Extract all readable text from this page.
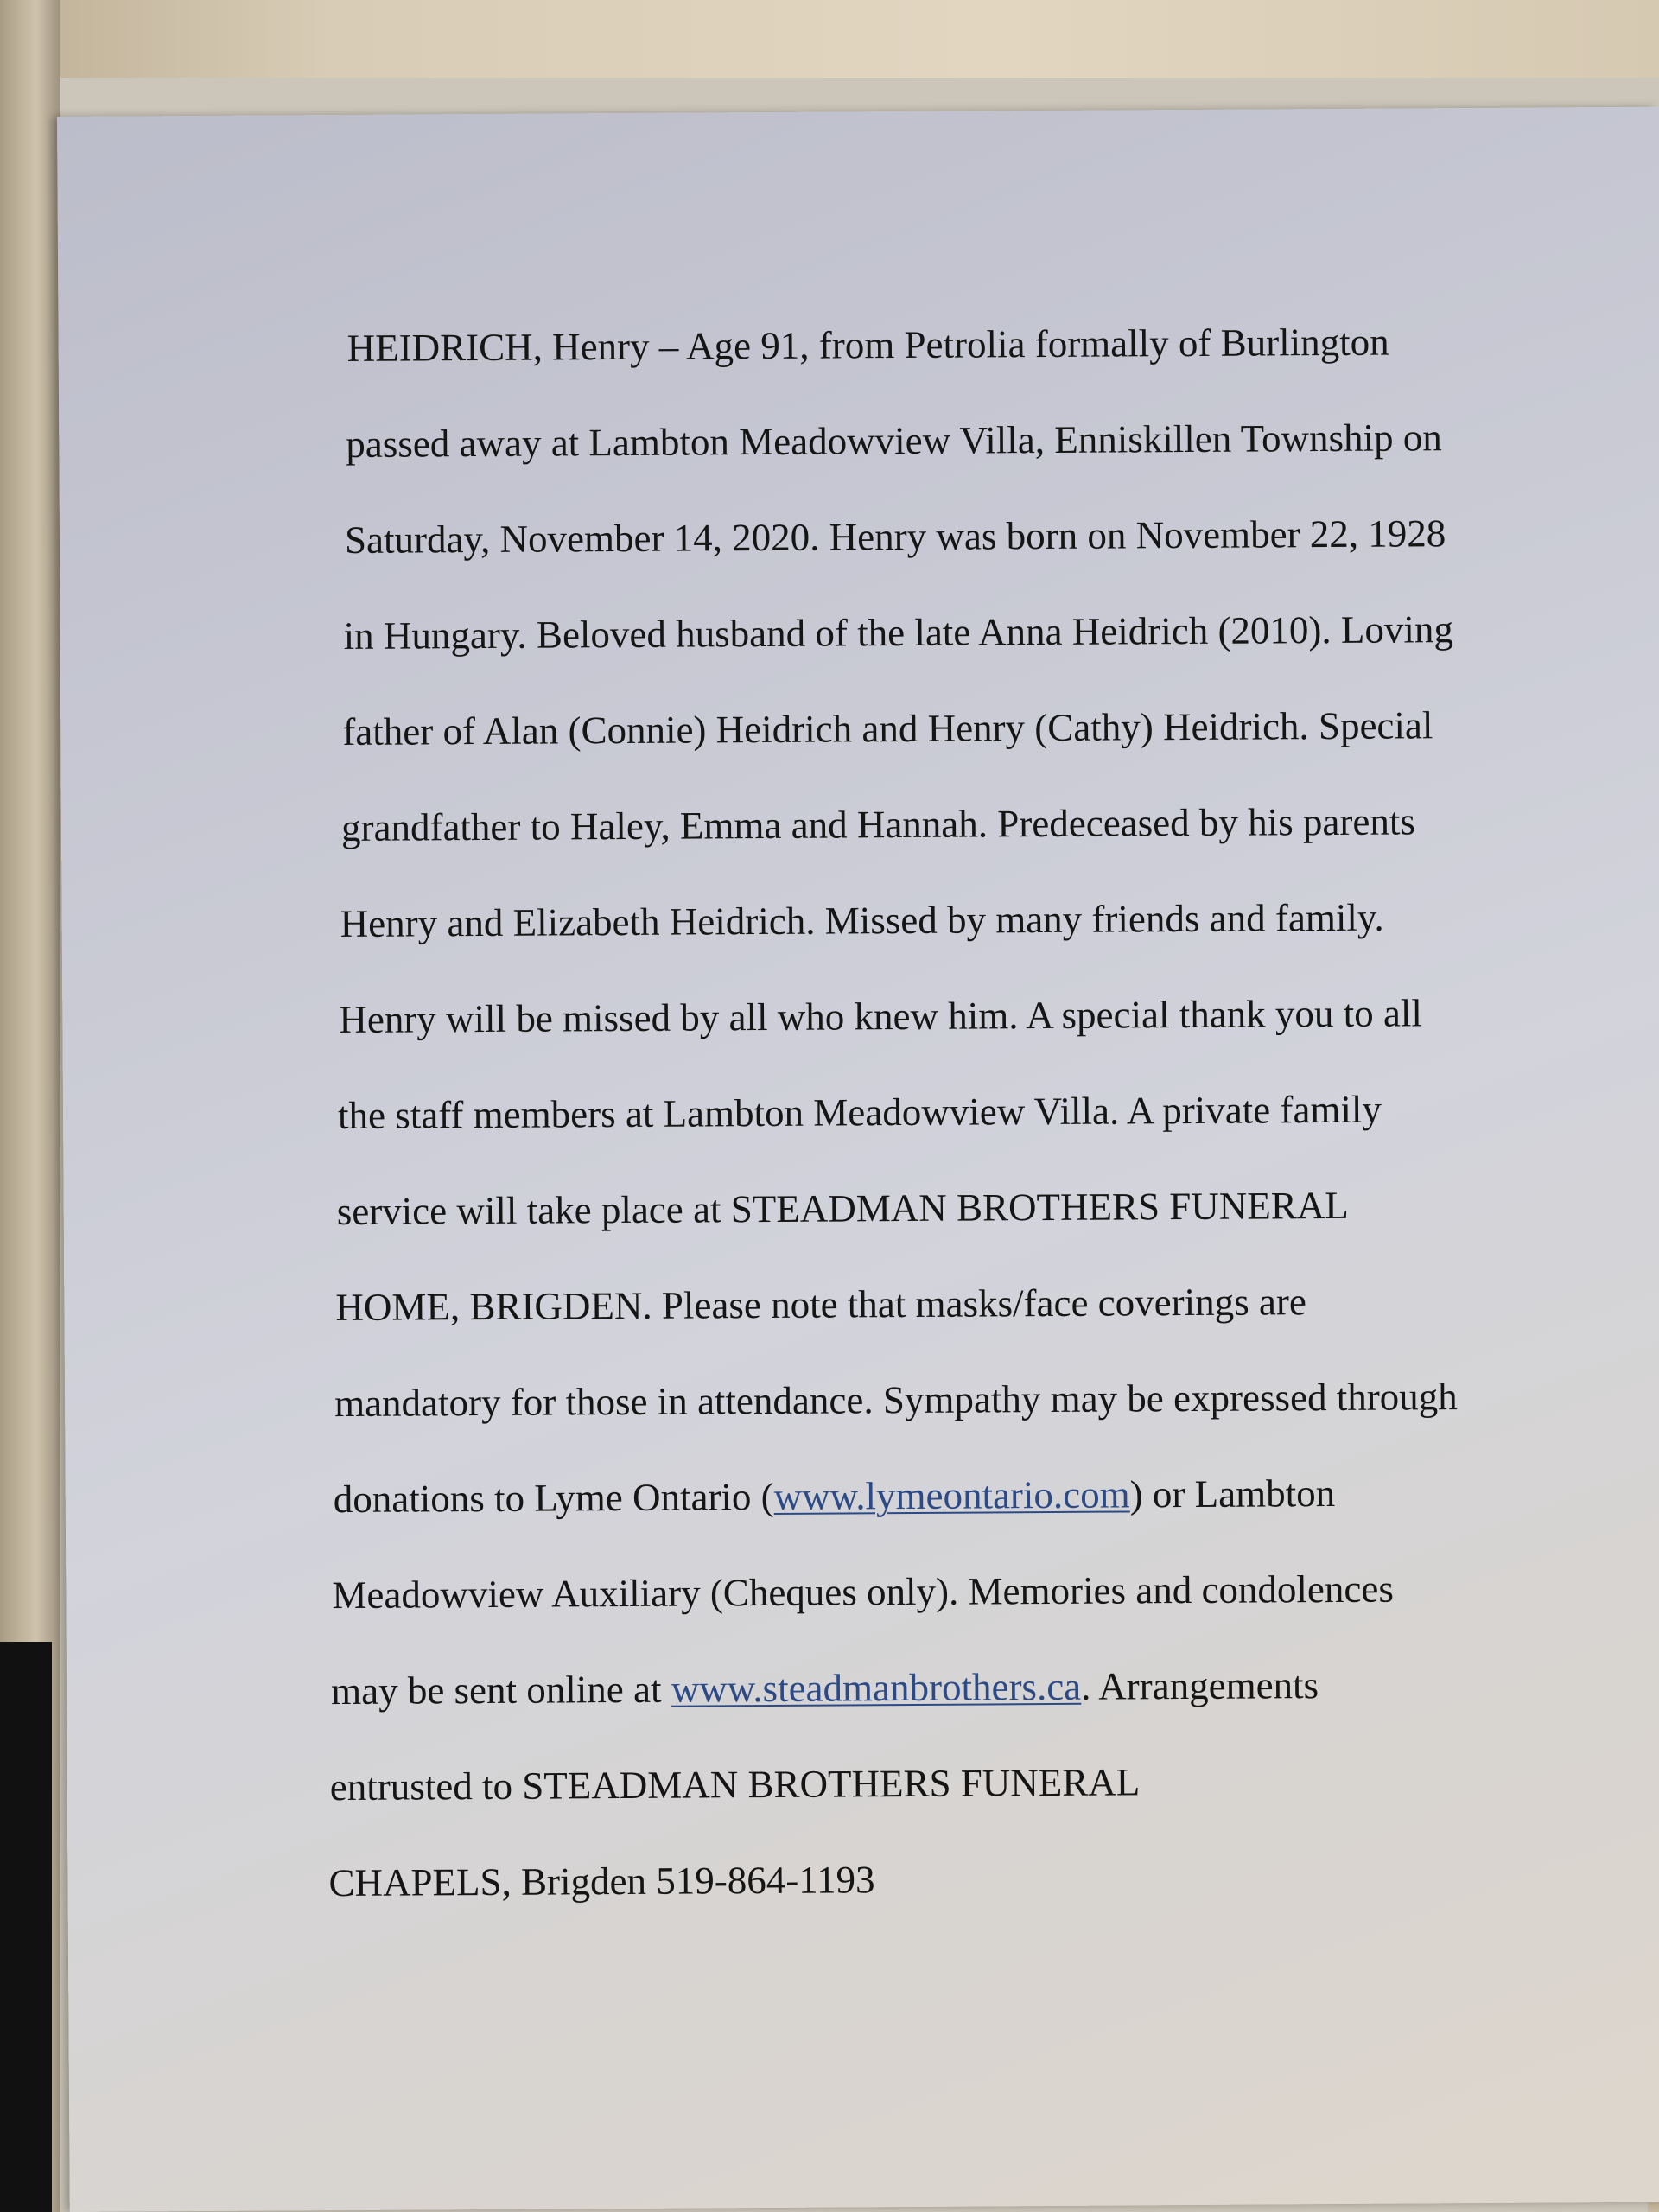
HEIDRICH, Henry – Age 91, from Petrolia formally of Burlington
passed away at Lambton Meadowview Villa, Enniskillen Township on
Saturday, November 14, 2020. Henry was born on November 22, 1928
in Hungary. Beloved husband of the late Anna Heidrich (2010). Loving
father of Alan (Connie) Heidrich and Henry (Cathy) Heidrich. Special
grandfather to Haley, Emma and Hannah. Predeceased by his parents
Henry and Elizabeth Heidrich. Missed by many friends and family.
Henry will be missed by all who knew him. A special thank you to all
the staff members at Lambton Meadowview Villa. A private family
service will take place at STEADMAN BROTHERS FUNERAL
HOME, BRIGDEN. Please note that masks/face coverings are
mandatory for those in attendance. Sympathy may be expressed through
donations to Lyme Ontario (www.lymeontario.com) or Lambton
Meadowview Auxiliary (Cheques only). Memories and condolences
may be sent online at www.steadmanbrothers.ca. Arrangements
entrusted to STEADMAN BROTHERS FUNERAL
CHAPELS, Brigden 519-864-1193
